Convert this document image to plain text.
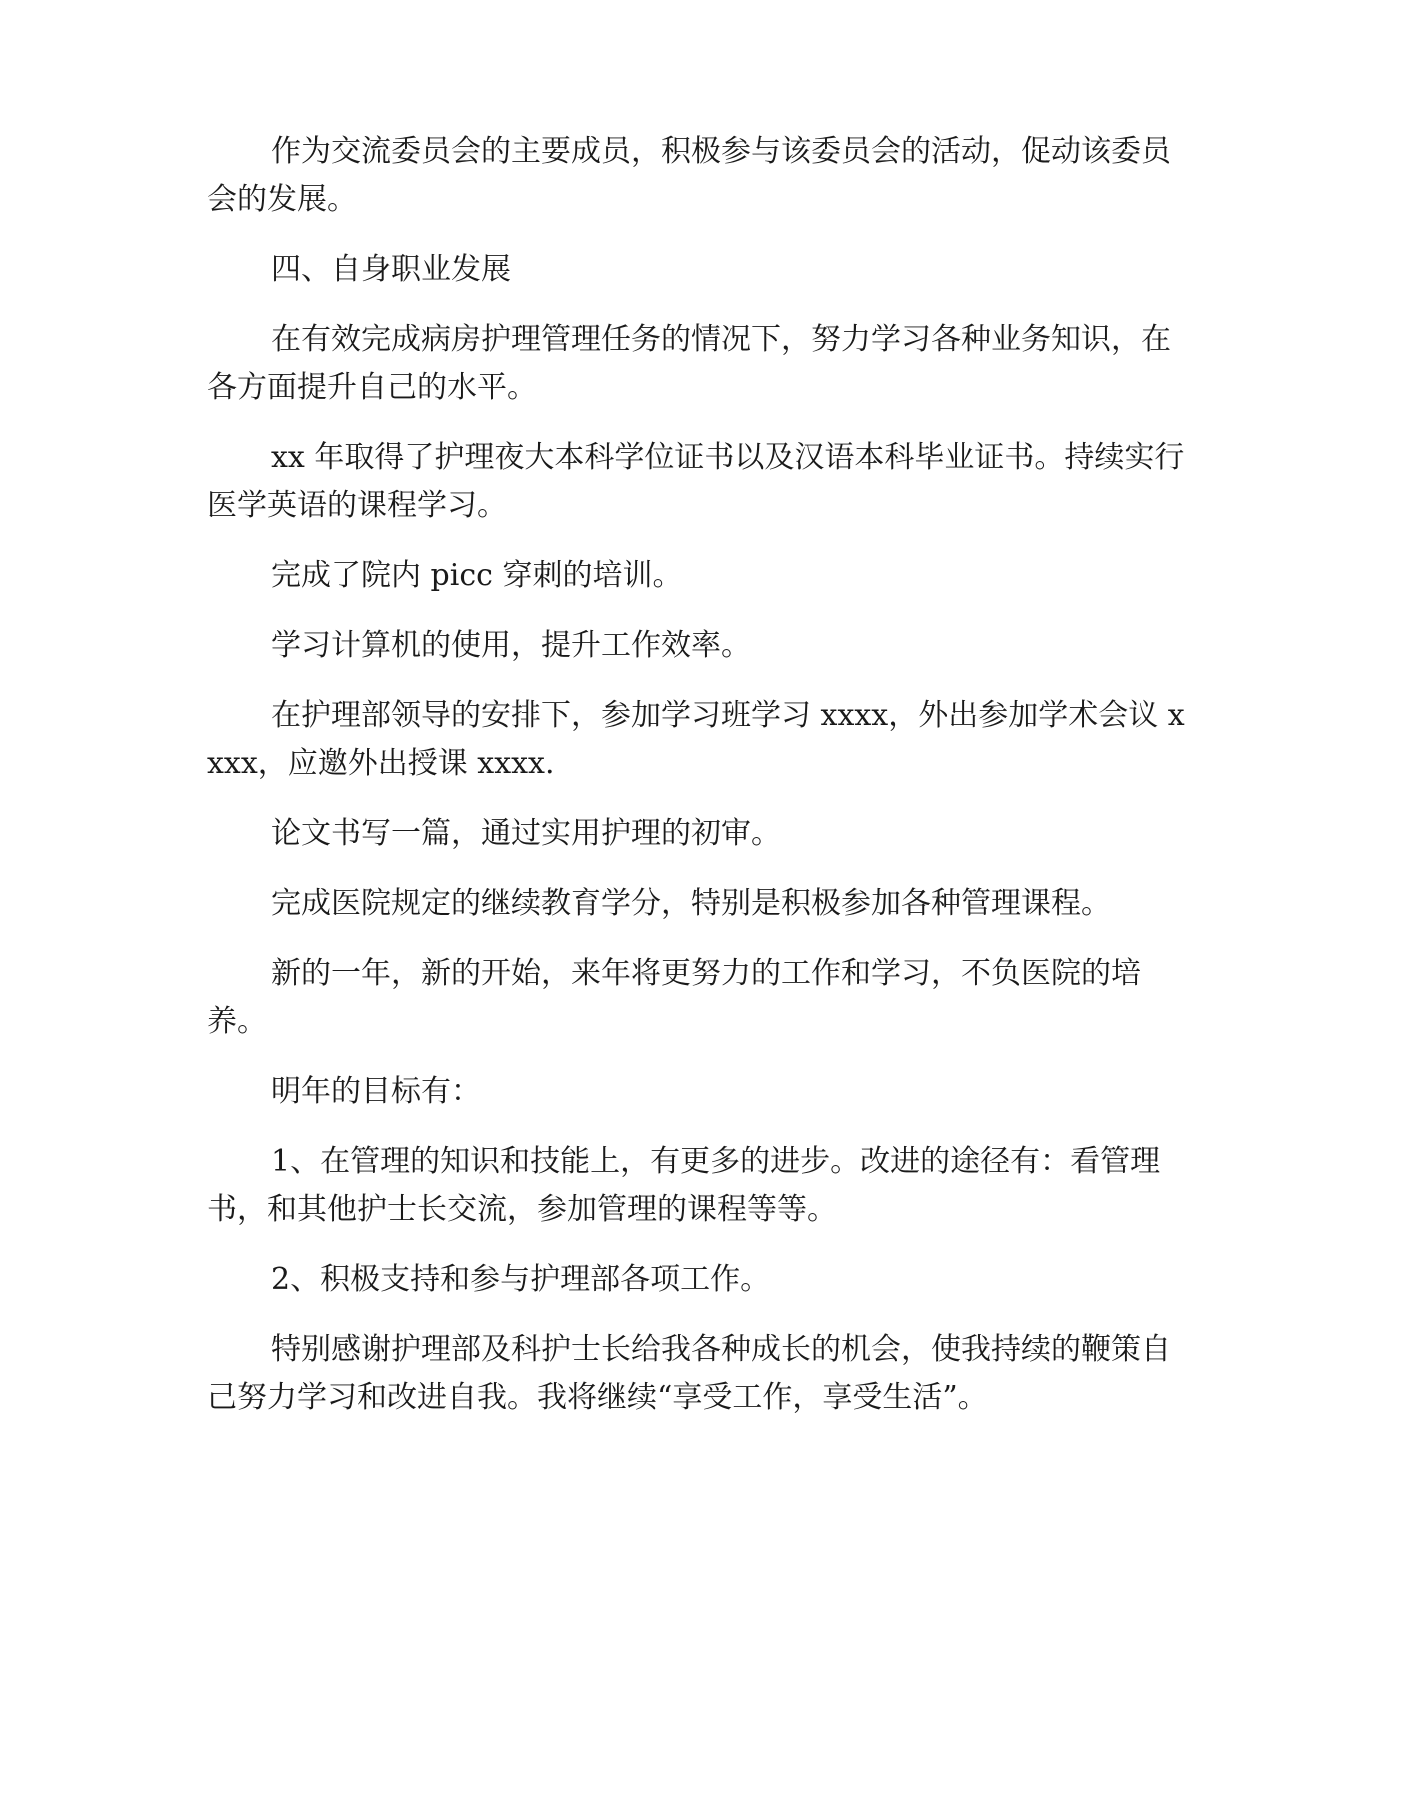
作为交流委员会的主要成员，积极参与该委员会的活动，促动该委员会的发展。

四、自身职业发展

在有效完成病房护理管理任务的情况下，努力学习各种业务知识，在各方面提升自己的水平。

xx 年取得了护理夜大本科学位证书以及汉语本科毕业证书。持续实行医学英语的课程学习。

完成了院内 picc 穿刺的培训。

学习计算机的使用，提升工作效率。

在护理部领导的安排下，参加学习班学习 xxxx，外出参加学术会议 xxxx，应邀外出授课 xxxx.

论文书写一篇，通过实用护理的初审。

完成医院规定的继续教育学分，特别是积极参加各种管理课程。

新的一年，新的开始，来年将更努力的工作和学习，不负医院的培养。

明年的目标有：

1、在管理的知识和技能上，有更多的进步。改进的途径有：看管理书，和其他护士长交流，参加管理的课程等等。

2、积极支持和参与护理部各项工作。

特别感谢护理部及科护士长给我各种成长的机会，使我持续的鞭策自己努力学习和改进自我。我将继续“享受工作，享受生活”。
